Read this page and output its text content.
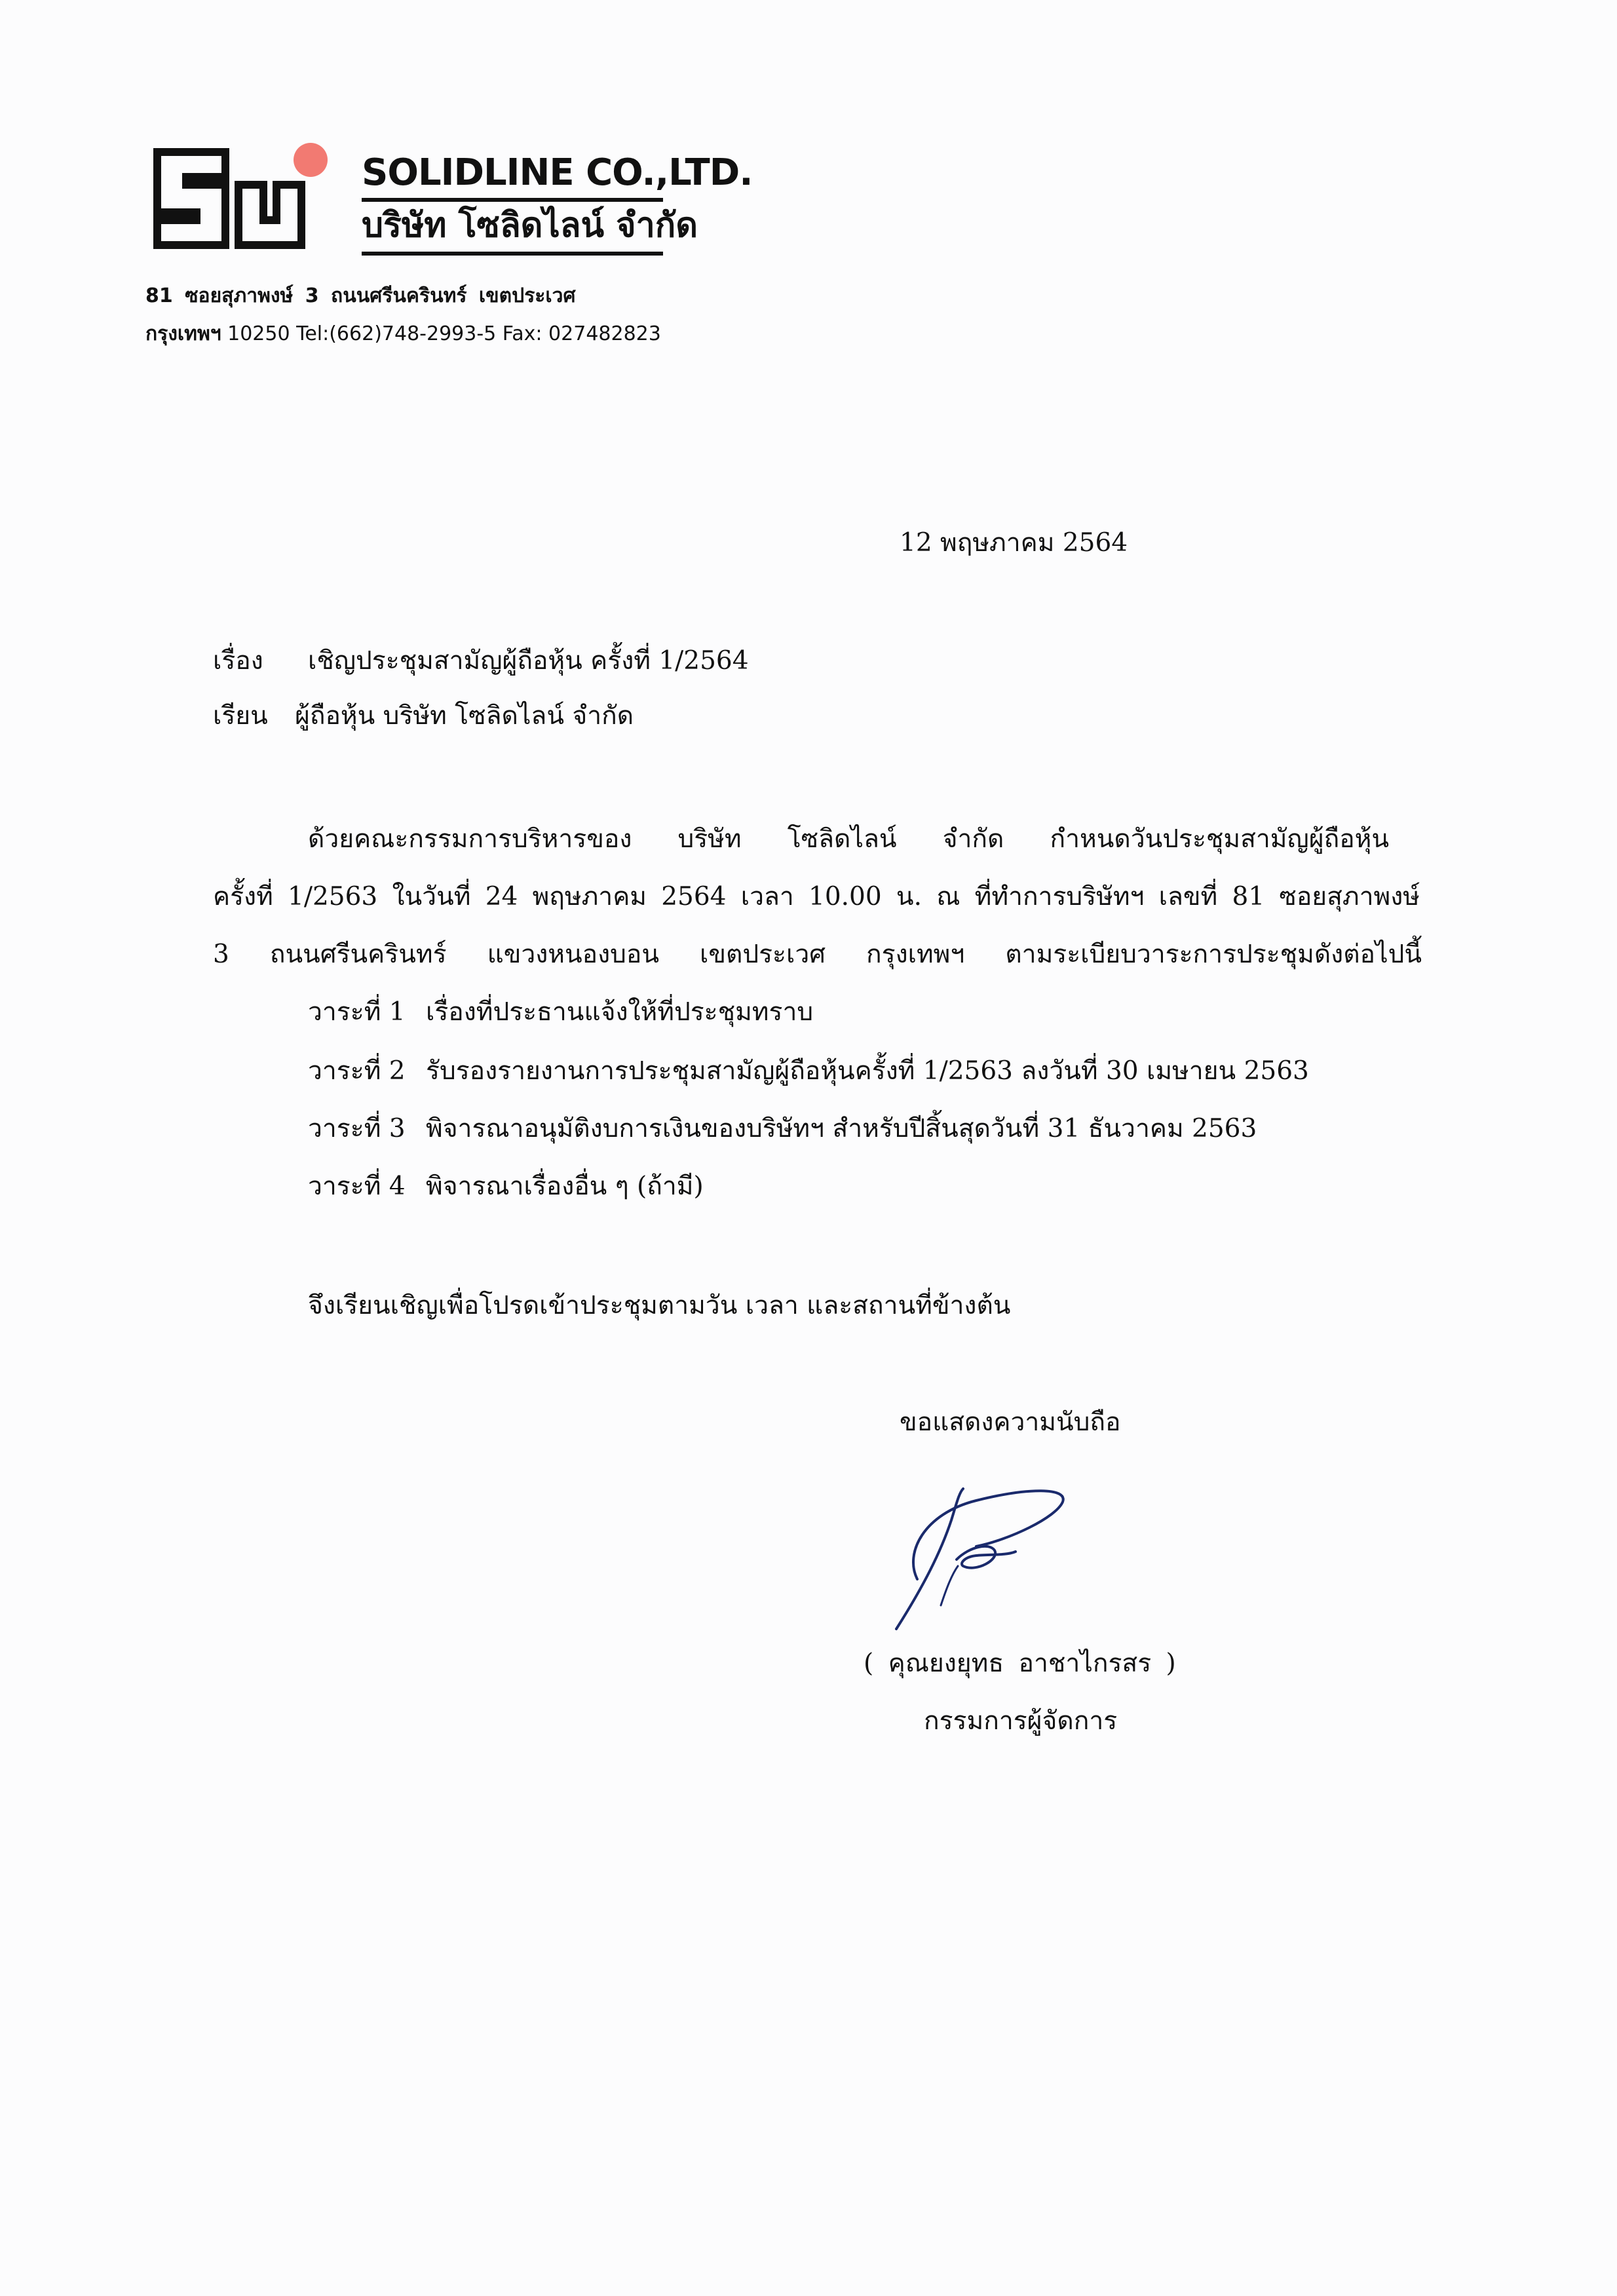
SOLIDLINE CO.,LTD.
บริษัท โซลิดไลน์ จำกัด
81 ซอยสุภาพงษ์ 3 ถนนศรีนครินทร์ เขตประเวศ
กรุงเทพฯ 10250 Tel:(662)748-2993-5 Fax: 027482823
12 พฤษภาคม 2564
เรื่อง เชิญประชุมสามัญผู้ถือหุ้น ครั้งที่ 1/2564
เรียน ผู้ถือหุ้น บริษัท โซลิดไลน์ จำกัด
ด้วยคณะกรรมการบริหารของ บริษัท โซลิดไลน์ จำกัด กำหนดวันประชุมสามัญผู้ถือหุ้น
ครั้งที่ 1/2563 ในวันที่ 24 พฤษภาคม 2564 เวลา 10.00 น. ณ ที่ทำการบริษัทฯ เลขที่ 81 ซอยสุภาพงษ์
3 ถนนศรีนครินทร์ แขวงหนองบอน เขตประเวศ กรุงเทพฯ ตามระเบียบวาระการประชุมดังต่อไปนี้
วาระที่ 1 เรื่องที่ประธานแจ้งให้ที่ประชุมทราบ
วาระที่ 2 รับรองรายงานการประชุมสามัญผู้ถือหุ้นครั้งที่ 1/2563 ลงวันที่ 30 เมษายน 2563
วาระที่ 3 พิจารณาอนุมัติงบการเงินของบริษัทฯ สำหรับปีสิ้นสุดวันที่ 31 ธันวาคม 2563
วาระที่ 4 พิจารณาเรื่องอื่น ๆ (ถ้ามี)
จึงเรียนเชิญเพื่อโปรดเข้าประชุมตามวัน เวลา และสถานที่ข้างต้น
ขอแสดงความนับถือ
( คุณยงยุทธ อาชาไกรสร )
กรรมการผู้จัดการ
